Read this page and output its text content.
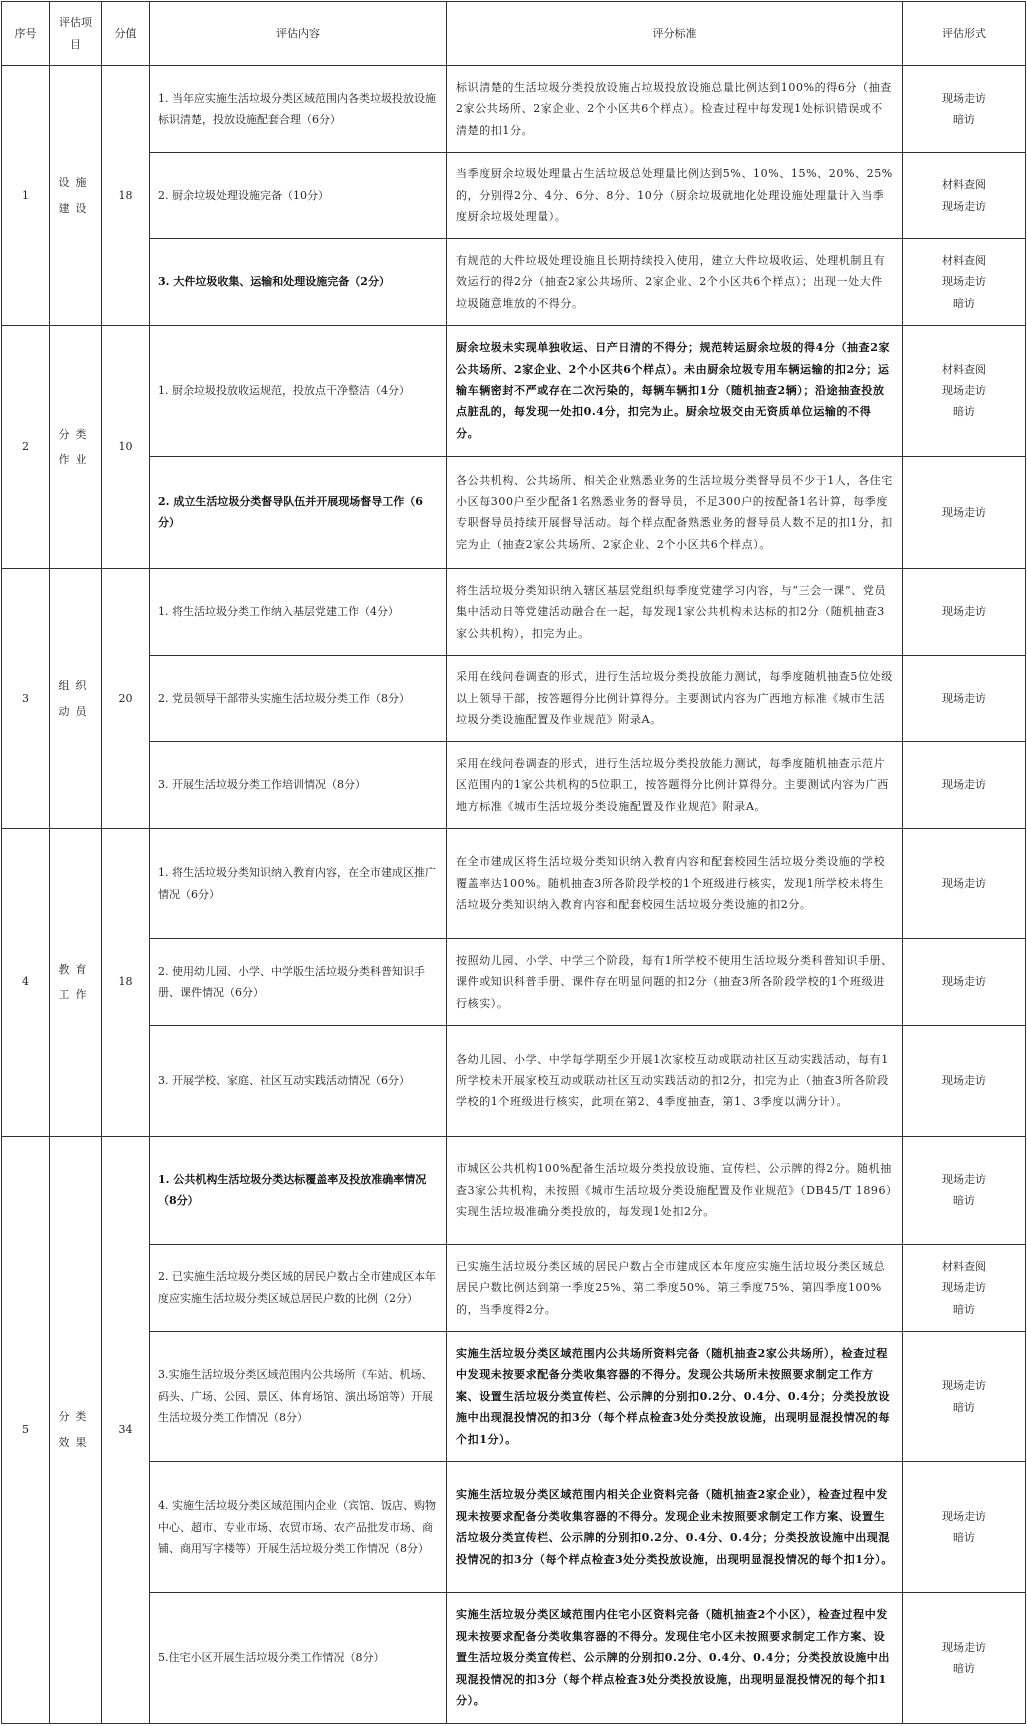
序号	评估项目	分值	评估内容	评分标准	评估形式
1	设施建设	18	1. 当年应实施生活垃圾分类区域范围内各类垃圾投放设施标识清楚，投放设施配套合理（6分）	标识清楚的生活垃圾分类投放设施占垃圾投放设施总量比例达到100%的得6分（抽查2家公共场所、2家企业、2个小区共6个样点）。检查过程中每发现1处标识错误或不清楚的扣1分。	现场走访
暗访

			2. 厨余垃圾处理设施完备（10分）	当季度厨余垃圾处理量占生活垃圾总处理量比例达到5%、10%、15%、20%、25%的，分别得2分、4分、6分、8分、10分（厨余垃圾就地化处理设施处理量计入当季度厨余垃圾处理量）。	材料查阅
现场走访

			3. 大件垃圾收集、运输和处理设施完备（2分）	有规范的大件垃圾处理设施且长期持续投入使用，建立大件垃圾收运、处理机制且有效运行的得2分（抽查2家公共场所、2家企业、2个小区共6个样点）；出现一处大件垃圾随意堆放的不得分。	材料查阅
现场走访
暗访

2	分类作业	10	1. 厨余垃圾投放收运规范，投放点干净整洁（4分）	厨余垃圾未实现单独收运、日产日清的不得分；规范转运厨余垃圾的得4分（抽查2家公共场所、2家企业、2个小区共6个样点）。未由厨余垃圾专用车辆运输的扣2分；运输车辆密封不严或存在二次污染的，每辆车辆扣1分（随机抽查2辆）；沿途抽查投放点脏乱的，每发现一处扣0.4分，扣完为止。厨余垃圾交由无资质单位运输的不得分。	材料查阅
现场走访
暗访

			2. 成立生活垃圾分类督导队伍并开展现场督导工作（6分）	各公共机构、公共场所、相关企业熟悉业务的生活垃圾分类督导员不少于1人，各住宅小区每300户至少配备1名熟悉业务的督导员，不足300户的按配备1名计算，每季度专职督导员持续开展督导活动。每个样点配备熟悉业务的督导员人数不足的扣1分，扣完为止（抽查2家公共场所、2家企业、2个小区共6个样点）。	现场走访

3	组织动员	20	1. 将生活垃圾分类工作纳入基层党建工作（4分）	将生活垃圾分类知识纳入辖区基层党组织每季度党建学习内容，与“三会一课”、党员集中活动日等党建活动融合在一起，每发现1家公共机构未达标的扣2分（随机抽查3家公共机构），扣完为止。	现场走访

			2. 党员领导干部带头实施生活垃圾分类工作（8分）	采用在线问卷调查的形式，进行生活垃圾分类投放能力测试，每季度随机抽查5位处级以上领导干部，按答题得分比例计算得分。主要测试内容为广西地方标准《城市生活垃圾分类设施配置及作业规范》附录A。	现场走访

			3. 开展生活垃圾分类工作培训情况（8分）	采用在线问卷调查的形式，进行生活垃圾分类投放能力测试，每季度随机抽查示范片区范围内的1家公共机构的5位职工，按答题得分比例计算得分。主要测试内容为广西地方标准《城市生活垃圾分类设施配置及作业规范》附录A。	现场走访

4	教育工作	18	1. 将生活垃圾分类知识纳入教育内容，在全市建成区推广情况（6分）	在全市建成区将生活垃圾分类知识纳入教育内容和配套校园生活垃圾分类设施的学校覆盖率达100%。随机抽查3所各阶段学校的1个班级进行核实，发现1所学校未将生活垃圾分类知识纳入教育内容和配套校园生活垃圾分类设施的扣2分。	现场走访

			2. 使用幼儿园、小学、中学版生活垃圾分类科普知识手册、课件情况（6分）	按照幼儿园、小学、中学三个阶段，每有1所学校不使用生活垃圾分类科普知识手册、课件或知识科普手册、课件存在明显问题的扣2分（抽查3所各阶段学校的1个班级进行核实）。	现场走访

			3. 开展学校、家庭、社区互动实践活动情况（6分）	各幼儿园、小学、中学每学期至少开展1次家校互动或联动社区互动实践活动，每有1所学校未开展家校互动或联动社区互动实践活动的扣2分，扣完为止（抽查3所各阶段学校的1个班级进行核实，此项在第2、4季度抽查，第1、3季度以满分计）。	现场走访

5	分类效果	34	1. 公共机构生活垃圾分类达标覆盖率及投放准确率情况（8分）	市城区公共机构100%配备生活垃圾分类投放设施、宣传栏、公示牌的得2分。随机抽查3家公共机构，未按照《城市生活垃圾分类设施配置及作业规范》（DB45/T 1896）实现生活垃圾准确分类投放的，每发现1处扣2分。	现场走访
暗访

			2. 已实施生活垃圾分类区域的居民户数占全市建成区本年度应实施生活垃圾分类区域总居民户数的比例（2分）	已实施生活垃圾分类区域的居民户数占全市建成区本年度应实施生活垃圾分类区域总居民户数比例达到第一季度25%、第二季度50%、第三季度75%、第四季度100%的，当季度得2分。	材料查阅
现场走访
暗访

			3.实施生活垃圾分类区域范围内公共场所（车站、机场、码头、广场、公园、景区、体育场馆、演出场馆等）开展生活垃圾分类工作情况（8分）	实施生活垃圾分类区域范围内公共场所资料完备（随机抽查2家公共场所），检查过程中发现未按要求配备分类收集容器的不得分。发现公共场所未按照要求制定工作方案、设置生活垃圾分类宣传栏、公示牌的分别扣0.2分、0.4分、0.4分；分类投放设施中出现混投情况的扣3分（每个样点检查3处分类投放设施，出现明显混投情况的每个扣1分）。	现场走访
暗访

			4. 实施生活垃圾分类区域范围内企业（宾馆、饭店、购物中心、超市、专业市场、农贸市场、农产品批发市场、商铺、商用写字楼等）开展生活垃圾分类工作情况（8分）	实施生活垃圾分类区域范围内相关企业资料完备（随机抽查2家企业），检查过程中发现未按要求配备分类收集容器的不得分。发现企业未按照要求制定工作方案、设置生活垃圾分类宣传栏、公示牌的分别扣0.2分、0.4分、0.4分；分类投放设施中出现混投情况的扣3分（每个样点检查3处分类投放设施，出现明显混投情况的每个扣1分）。	现场走访
暗访

			5.住宅小区开展生活垃圾分类工作情况（8分）	实施生活垃圾分类区域范围内住宅小区资料完备（随机抽查2个小区），检查过程中发现未按要求配备分类收集容器的不得分。发现住宅小区未按照要求制定工作方案、设置生活垃圾分类宣传栏、公示牌的分别扣0.2分、0.4分、0.4分；分类投放设施中出现混投情况的扣3分（每个样点检查3处分类投放设施，出现明显混投情况的每个扣1分）。	现场走访
暗访
